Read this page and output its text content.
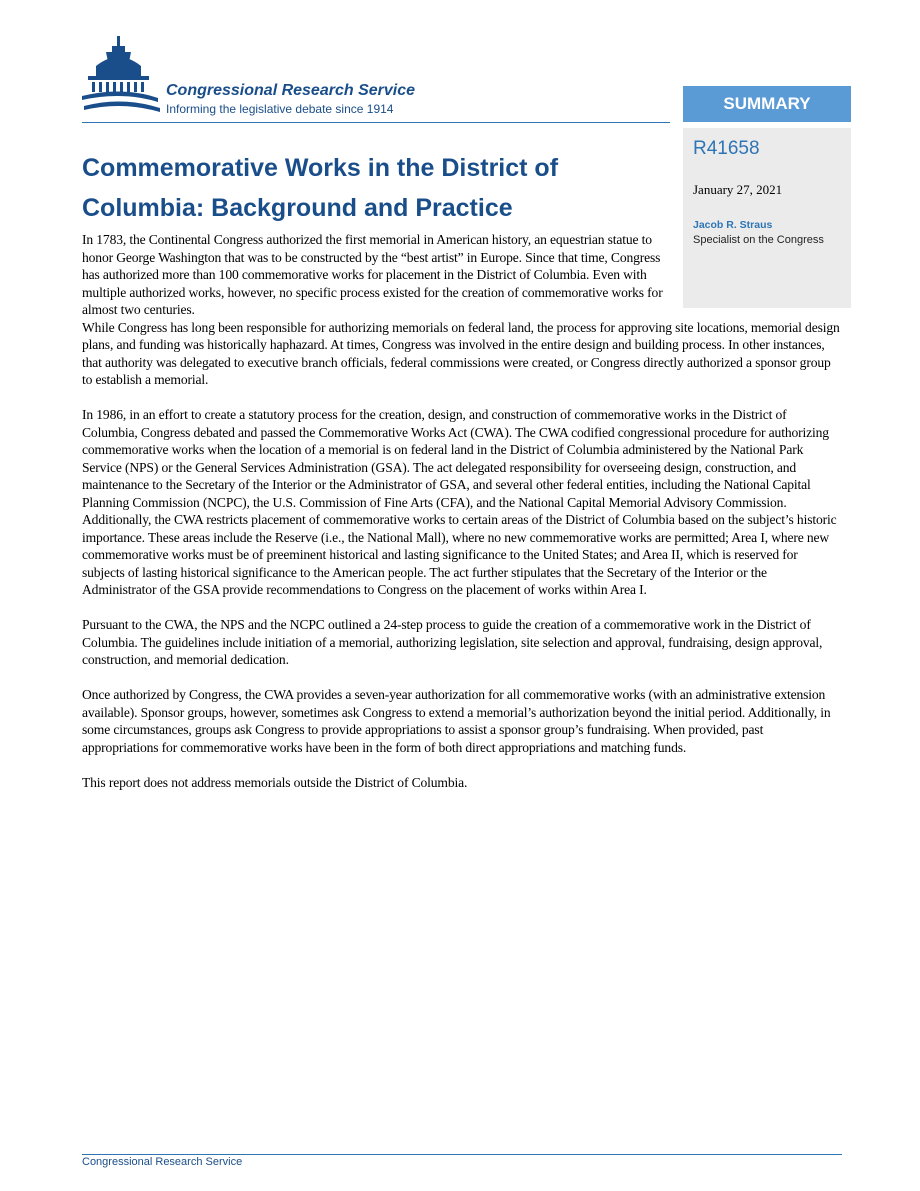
Congressional Research Service

Informing the legislative debate since 1914	SUMMARY

R41658

January 27, 2021

Jacob R. Straus

Specialist on the Congress

Commemorative Works in the District of Columbia: Background and Practice

In 1783, the Continental Congress authorized the first memorial in American history, an equestrian statue to honor George Washington that was to be constructed by the “best artist” in Europe. Since that time, Congress has authorized more than 100 commemorative works for placement in the District of Columbia. Even with multiple authorized works, however, no specific process existed for the creation of commemorative works for almost two centuries.

While Congress has long been responsible for authorizing memorials on federal land, the process for approving site locations, memorial design plans, and funding was historically haphazard. At times, Congress was involved in the entire design and building process. In other instances, that authority was delegated to executive branch officials, federal commissions were created, or Congress directly authorized a sponsor group to establish a memorial.

In 1986, in an effort to create a statutory process for the creation, design, and construction of commemorative works in the District of Columbia, Congress debated and passed the Commemorative Works Act (CWA). The CWA codified congressional procedure for authorizing commemorative works when the location of a memorial is on federal land in the District of Columbia administered by the National Park Service (NPS) or the General Services Administration (GSA). The act delegated responsibility for overseeing design, construction, and maintenance to the Secretary of the Interior or the Administrator of GSA, and several other federal entities, including the National Capital Planning Commission (NCPC), the U.S. Commission of Fine Arts (CFA), and the National Capital Memorial Advisory Commission. Additionally, the CWA restricts placement of commemorative works to certain areas of the District of Columbia based on the subject’s historic importance. These areas include the Reserve (i.e., the National Mall), where no new commemorative works are permitted; Area I, where new commemorative works must be of preeminent historical and lasting significance to the United States; and Area II, which is reserved for subjects of lasting historical significance to the American people. The act further stipulates that the Secretary of the Interior or the Administrator of the GSA provide recommendations to Congress on the placement of works within Area I.

Pursuant to the CWA, the NPS and the NCPC outlined a 24-step process to guide the creation of a commemorative work in the District of Columbia. The guidelines include initiation of a memorial, authorizing legislation, site selection and approval, fundraising, design approval, construction, and memorial dedication.

Once authorized by Congress, the CWA provides a seven-year authorization for all commemorative works (with an administrative extension available). Sponsor groups, however, sometimes ask Congress to extend a memorial’s authorization beyond the initial period. Additionally, in some circumstances, groups ask Congress to provide appropriations to assist a sponsor group’s fundraising. When provided, past appropriations for commemorative works have been in the form of both direct appropriations and matching funds.

This report does not address memorials outside the District of Columbia.

Congressional Research Service
